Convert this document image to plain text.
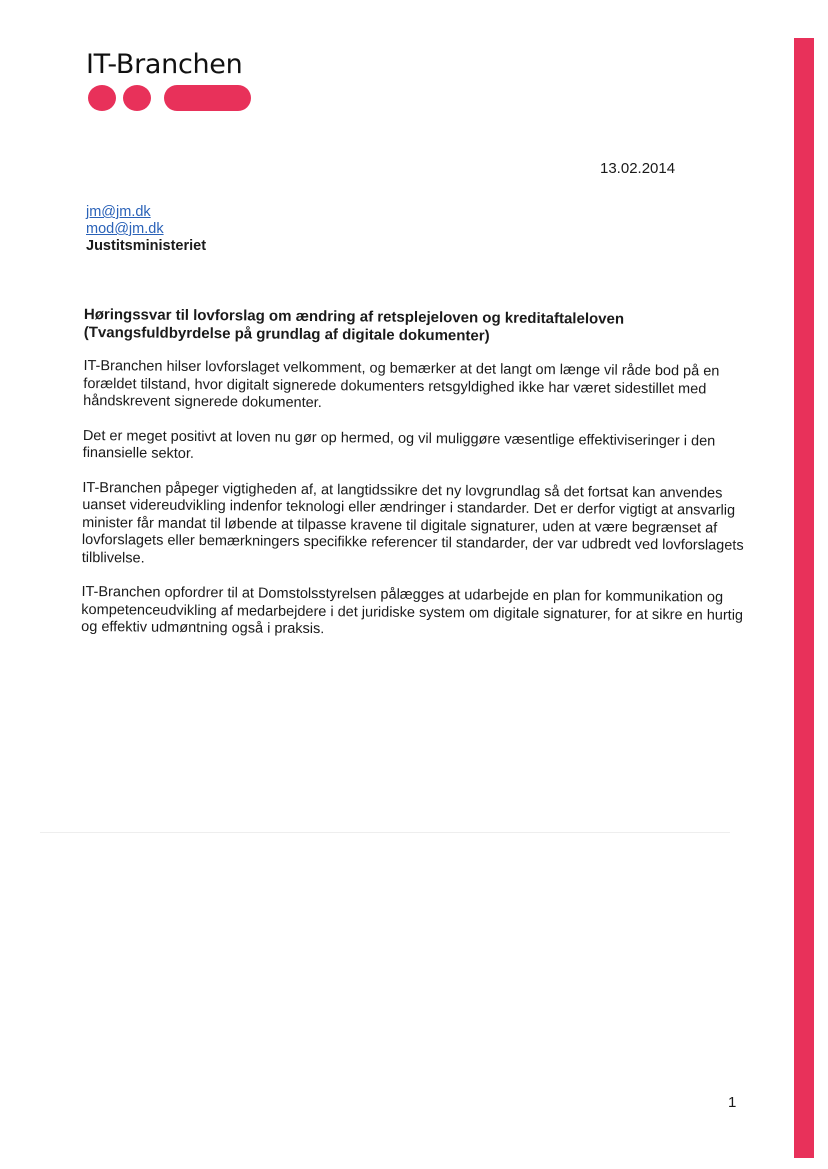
IT-Branchen
13.02.2014
jm@jm.dk
mod@jm.dk
Justitsministeriet

Høringssvar til lovforslag om ændring af retsplejeloven og kreditaftaleloven (Tvangsfuldbyrdelse på grundlag af digitale dokumenter)

IT-Branchen hilser lovforslaget velkomment, og bemærker at det langt om længe vil råde bod på en forældet tilstand, hvor digitalt signerede dokumenters retsgyldighed ikke har været sidestillet med håndskrevent signerede dokumenter.

Det er meget positivt at loven nu gør op hermed, og vil muliggøre væsentlige effektiviseringer i den finansielle sektor.

IT-Branchen påpeger vigtigheden af, at langtidssikre det ny lovgrundlag så det fortsat kan anvendes uanset videreudvikling indenfor teknologi eller ændringer i standarder. Det er derfor vigtigt at ansvarlig minister får mandat til løbende at tilpasse kravene til digitale signaturer, uden at være begrænset af lovforslagets eller bemærkningers specifikke referencer til standarder, der var udbredt ved lovforslagets tilblivelse.

IT-Branchen opfordrer til at Domstolsstyrelsen pålægges at udarbejde en plan for kommunikation og kompetenceudvikling af medarbejdere i det juridiske system om digitale signaturer, for at sikre en hurtig og effektiv udmøntning også i praksis.

1
